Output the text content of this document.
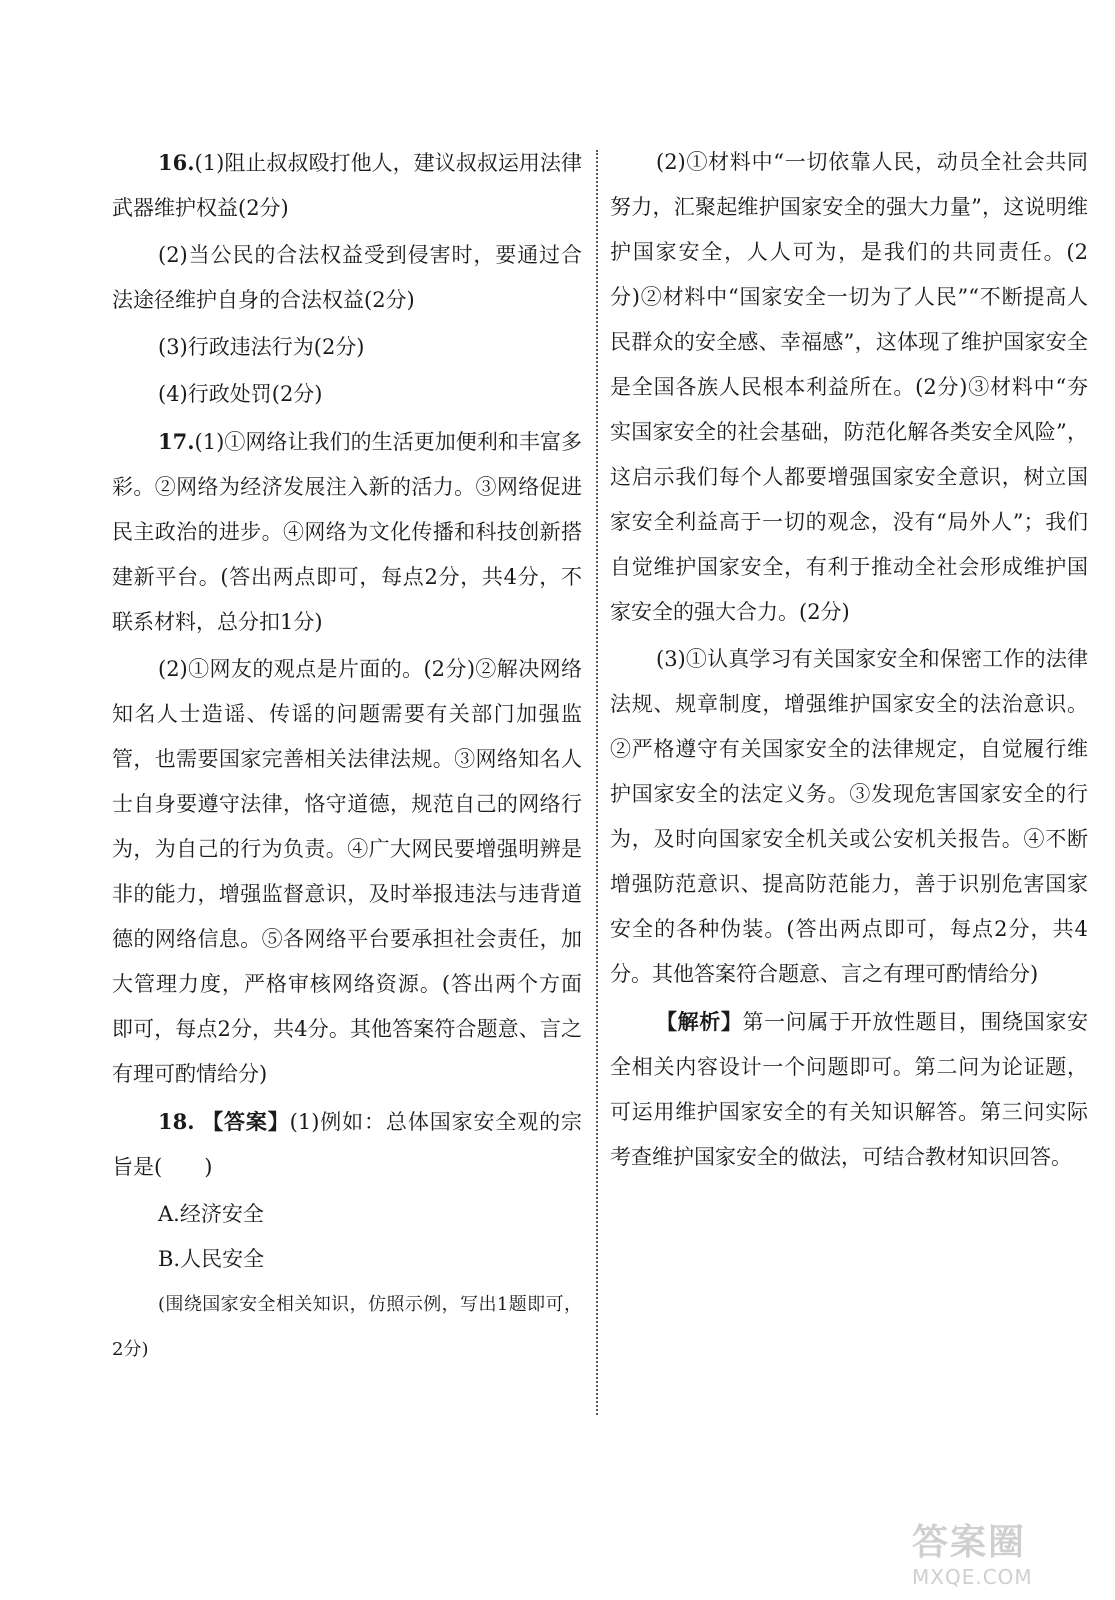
16.(1)阻止叔叔殴打他人，建议叔叔运用法律武器维护权益(2分)

(2)当公民的合法权益受到侵害时，要通过合法途径维护自身的合法权益(2分)

(3)行政违法行为(2分)

(4)行政处罚(2分)

17.(1)①网络让我们的生活更加便利和丰富多彩。②网络为经济发展注入新的活力。③网络促进民主政治的进步。④网络为文化传播和科技创新搭建新平台。(答出两点即可，每点2分，共4分，不联系材料，总分扣1分)

(2)①网友的观点是片面的。(2分)②解决网络知名人士造谣、传谣的问题需要有关部门加强监管，也需要国家完善相关法律法规。③网络知名人士自身要遵守法律，恪守道德，规范自己的网络行为，为自己的行为负责。④广大网民要增强明辨是非的能力，增强监督意识，及时举报违法与违背道德的网络信息。⑤各网络平台要承担社会责任，加大管理力度，严格审核网络资源。(答出两个方面即可，每点2分，共4分。其他答案符合题意、言之有理可酌情给分)

18. 【答案】(1)例如：总体国家安全观的宗旨是(　　)

A.经济安全

B.人民安全

(围绕国家安全相关知识，仿照示例，写出1题即可，2分)

(2)①材料中“一切依靠人民，动员全社会共同努力，汇聚起维护国家安全的强大力量”，这说明维护国家安全，人人可为，是我们的共同责任。(2分)②材料中“国家安全一切为了人民”“不断提高人民群众的安全感、幸福感”，这体现了维护国家安全是全国各族人民根本利益所在。(2分)③材料中“夯实国家安全的社会基础，防范化解各类安全风险”，这启示我们每个人都要增强国家安全意识，树立国家安全利益高于一切的观念，没有“局外人”；我们自觉维护国家安全，有利于推动全社会形成维护国家安全的强大合力。(2分)

(3)①认真学习有关国家安全和保密工作的法律法规、规章制度，增强维护国家安全的法治意识。②严格遵守有关国家安全的法律规定，自觉履行维护国家安全的法定义务。③发现危害国家安全的行为，及时向国家安全机关或公安机关报告。④不断增强防范意识、提高防范能力，善于识别危害国家安全的各种伪装。(答出两点即可，每点2分，共4分。其他答案符合题意、言之有理可酌情给分)

【解析】第一问属于开放性题目，围绕国家安全相关内容设计一个问题即可。第二问为论证题，可运用维护国家安全的有关知识解答。第三问实际考查维护国家安全的做法，可结合教材知识回答。

答案圈
MXQE.COM
